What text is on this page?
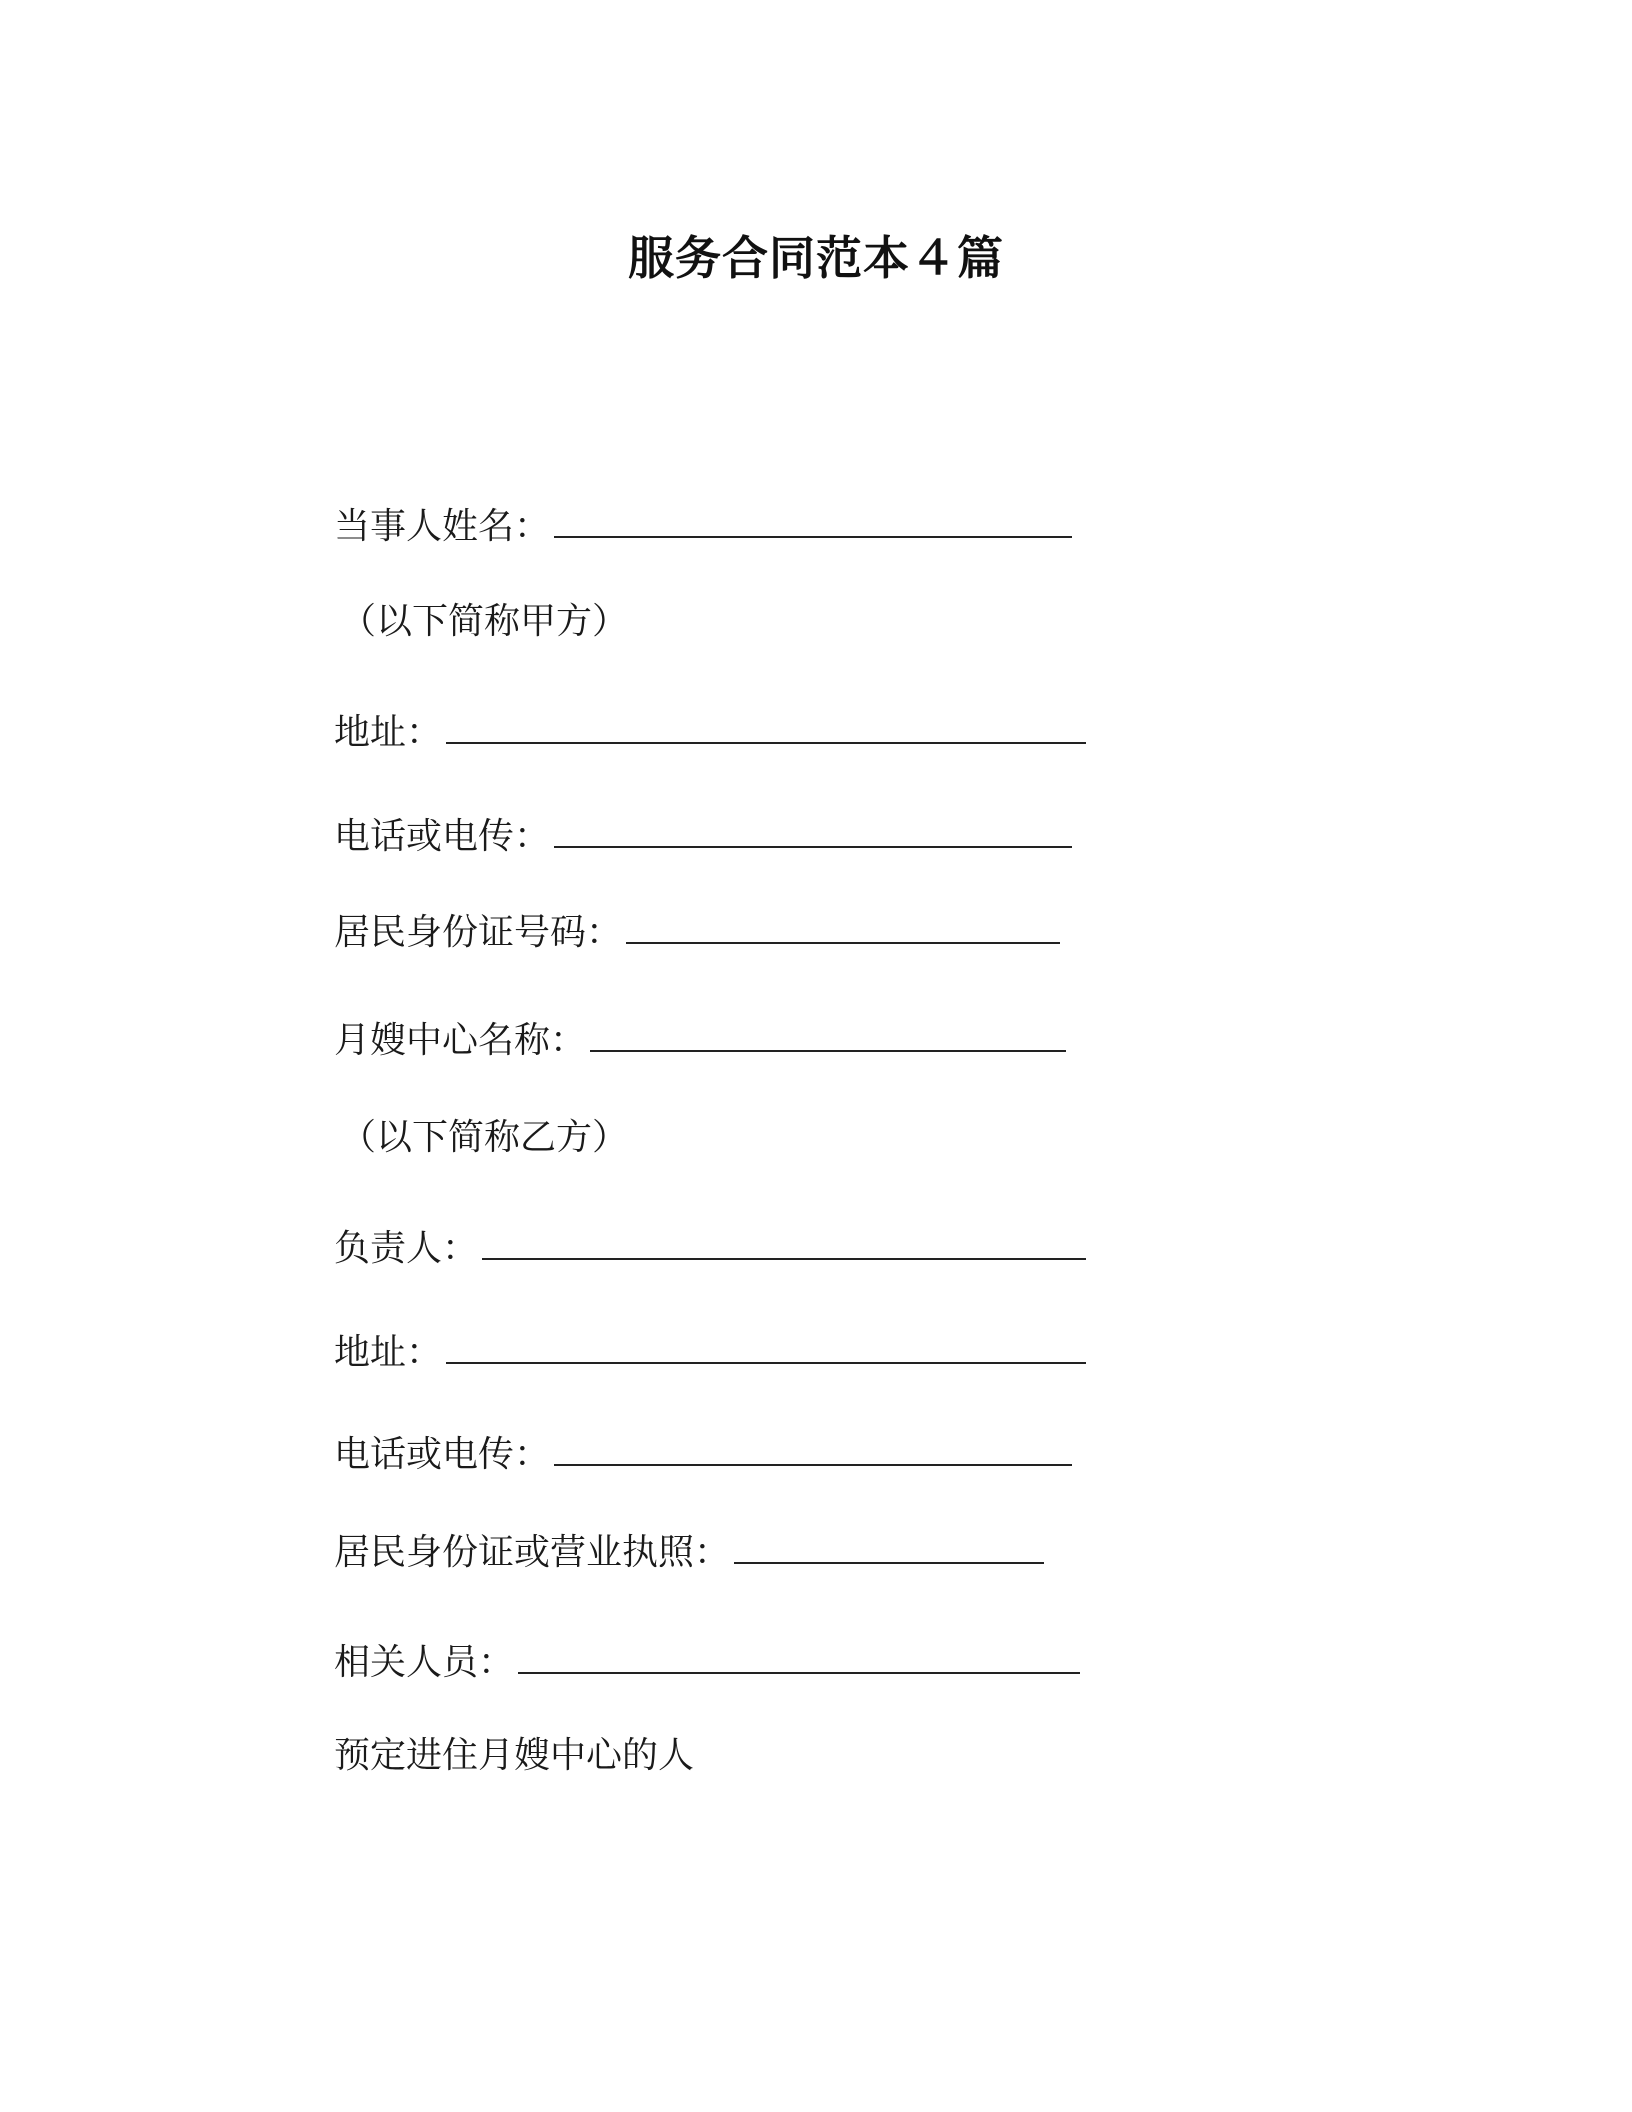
服务合同范本４篇
当事人姓名：
（以下简称甲方）
地址：
电话或电传：
居民身份证号码：
月嫂中心名称：
（以下简称乙方）
负责人：
地址：
电话或电传：
居民身份证或营业执照：
相关人员：
预定进住月嫂中心的人
